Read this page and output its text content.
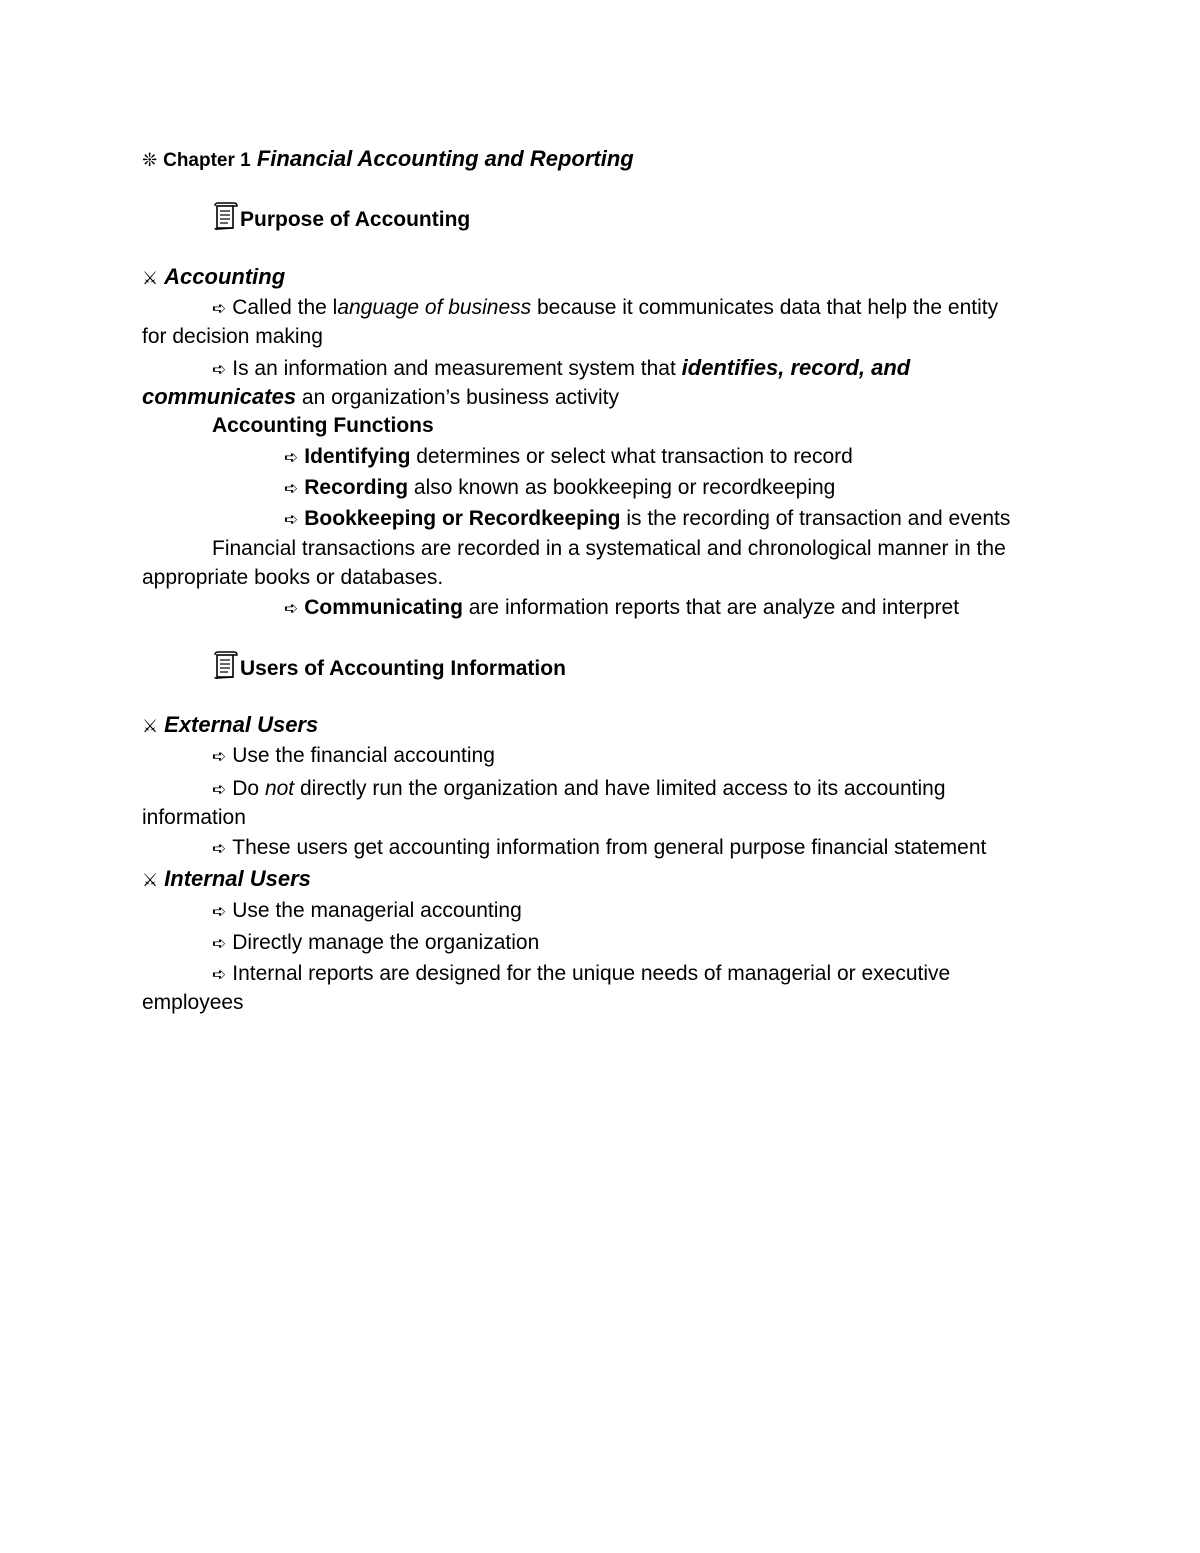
❊ Chapter 1 Financial Accounting and Reporting
Purpose of Accounting
⚔ Accounting
➪ Called the language of business because it communicates data that help the entity
for decision making
➪ Is an information and measurement system that identifies, record, and
communicates an organization’s business activity
Accounting Functions
➪ Identifying determines or select what transaction to record
➪ Recording also known as bookkeeping or recordkeeping
➪ Bookkeeping or Recordkeeping is the recording of transaction and events
Financial transactions are recorded in a systematical and chronological manner in the
appropriate books or databases.
➪ Communicating are information reports that are analyze and interpret
Users of Accounting Information
⚔ External Users
➪ Use the financial accounting
➪ Do not directly run the organization and have limited access to its accounting
information
➪ These users get accounting information from general purpose financial statement
⚔ Internal Users
➪ Use the managerial accounting
➪ Directly manage the organization
➪ Internal reports are designed for the unique needs of managerial or executive
employees
